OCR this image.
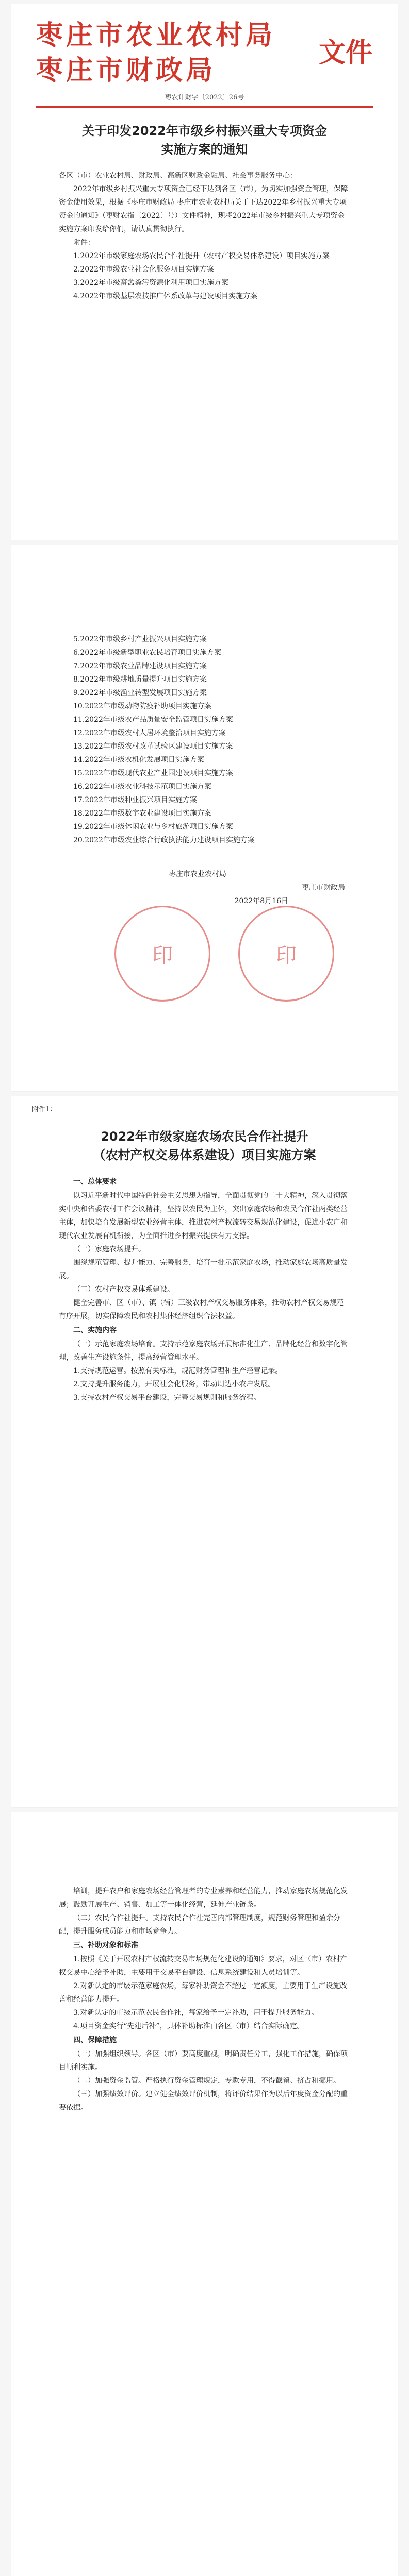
枣庄市农业农村局
枣庄市财政局
文件
枣农计财字〔2022〕26号

关于印发2022年市级乡村振兴重大专项资金

实施方案的通知

各区（市）农业农村局、财政局、高新区财政金融局、社会事务服务中心：

2022年市级乡村振兴重大专项资金已经下达到各区（市），为切实加强资金管理，保障资金使用效果，根据《枣庄市财政局 枣庄市农业农村局关于下达2022年乡村振兴重大专项资金的通知》（枣财农指〔2022〕号）文件精神，现将2022年市级乡村振兴重大专项资金实施方案印发给你们，请认真贯彻执行。

附件：

1.2022年市级家庭农场农民合作社提升（农村产权交易体系建设）项目实施方案

2.2022年市级农业社会化服务项目实施方案

3.2022年市级畜禽粪污资源化利用项目实施方案

4.2022年市级基层农技推广体系改革与建设项目实施方案

5.2022年市级乡村产业振兴项目实施方案

6.2022年市级新型职业农民培育项目实施方案

7.2022年市级农业品牌建设项目实施方案

8.2022年市级耕地质量提升项目实施方案

9.2022年市级渔业转型发展项目实施方案

10.2022年市级动物防疫补助项目实施方案

11.2022年市级农产品质量安全监管项目实施方案

12.2022年市级农村人居环境整治项目实施方案

13.2022年市级农村改革试验区建设项目实施方案

14.2022年市级农机化发展项目实施方案

15.2022年市级现代农业产业园建设项目实施方案

16.2022年市级农业科技示范项目实施方案

17.2022年市级种业振兴项目实施方案

18.2022年市级数字农业建设项目实施方案

19.2022年市级休闲农业与乡村旅游项目实施方案

20.2022年市级农业综合行政执法能力建设项目实施方案

枣庄市农业农村局

枣庄市财政局

2022年8月16日

印	印
附件1：

2022年市级家庭农场农民合作社提升

（农村产权交易体系建设）项目实施方案

一、总体要求

以习近平新时代中国特色社会主义思想为指导，全面贯彻党的二十大精神，深入贯彻落实中央和省委农村工作会议精神，坚持以农民为主体，突出家庭农场和农民合作社两类经营主体，加快培育发展新型农业经营主体，推进农村产权流转交易规范化建设，促进小农户和现代农业发展有机衔接，为全面推进乡村振兴提供有力支撑。

（一）家庭农场提升。

围绕规范管理、提升能力、完善服务，培育一批示范家庭农场，推动家庭农场高质量发展。

（二）农村产权交易体系建设。

健全完善市、区（市）、镇（街）三级农村产权交易服务体系，推动农村产权交易规范有序开展，切实保障农民和农村集体经济组织合法权益。

二、实施内容

（一）示范家庭农场培育。支持示范家庭农场开展标准化生产、品牌化经营和数字化管理，改善生产设施条件，提高经营管理水平。

1.支持规范运营。按照有关标准，规范财务管理和生产经营记录。

2.支持提升服务能力，开展社会化服务，带动周边小农户发展。

3.支持农村产权交易平台建设，完善交易规则和服务流程。

培训，提升农户和家庭农场经营管理者的专业素养和经营能力，推动家庭农场规范化发展；鼓励开展生产、销售、加工等一体化经营，延伸产业链条。

（二）农民合作社提升。支持农民合作社完善内部管理制度，规范财务管理和盈余分配，提升服务成员能力和市场竞争力。

三、补助对象和标准

1.按照《关于开展农村产权流转交易市场规范化建设的通知》要求，对区（市）农村产权交易中心给予补助，主要用于交易平台建设、信息系统建设和人员培训等。

2.对新认定的市级示范家庭农场，每家补助资金不超过一定额度，主要用于生产设施改善和经营能力提升。

3.对新认定的市级示范农民合作社，每家给予一定补助，用于提升服务能力。

4.项目资金实行“先建后补”，具体补助标准由各区（市）结合实际确定。

四、保障措施

（一）加强组织领导。各区（市）要高度重视，明确责任分工，强化工作措施，确保项目顺利实施。

（二）加强资金监管。严格执行资金管理规定，专款专用，不得截留、挤占和挪用。

（三）加强绩效评价。建立健全绩效评价机制，将评价结果作为以后年度资金分配的重要依据。
